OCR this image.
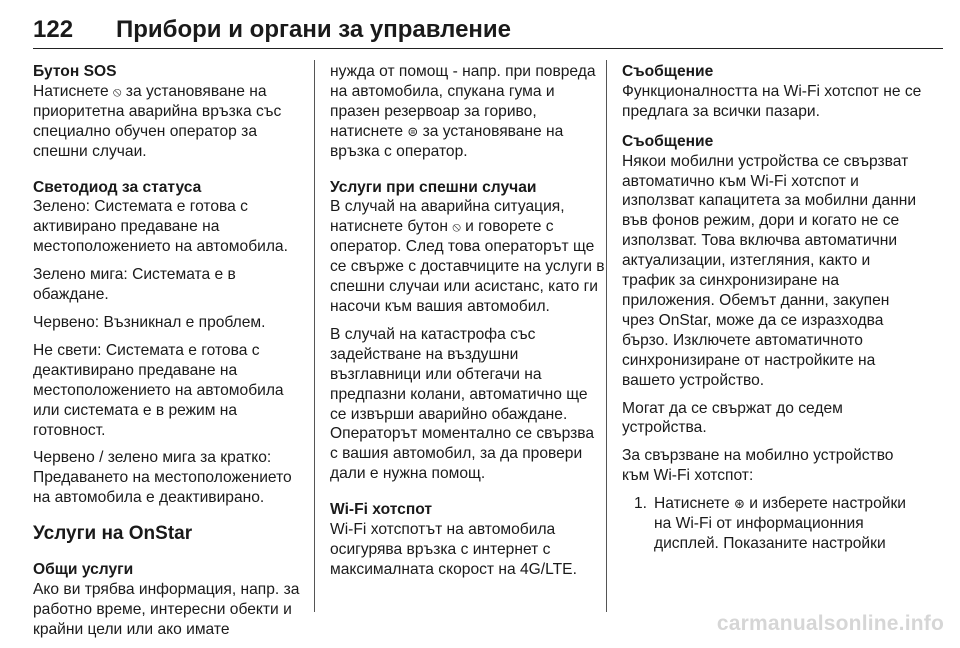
122 Прибори и органи за управление
Бутон SOS
Натиснете ⦸ за установяване на приоритетна аварийна връзка със специално обучен оператор за спешни случаи.
Светодиод за статуса
Зелено: Системата е готова с активирано предаване на местоположението на автомобила.
Зелено мига: Системата е в обаждане.
Червено: Възникнал е проблем.
Не свети: Системата е готова с деактивирано предаване на местоположението на автомобила или системата е в режим на готовност.
Червено / зелено мига за кратко: Предаването на местоположението на автомобила е деактивирано.
Услуги на OnStar
Общи услуги
Ако ви трябва информация, напр. за работно време, интересни обекти и крайни цели или ако имате
нужда от помощ - напр. при повреда на автомобила, спукана гума и празен резервоар за гориво, натиснете ⊜ за установяване на връзка с оператор.
Услуги при спешни случаи
В случай на аварийна ситуация, натиснете бутон ⦸ и говорете с оператор. След това операторът ще се свърже с доставчиците на услуги в спешни случаи или асистанс, като ги насочи към вашия автомобил.
В случай на катастрофа със задействане на въздушни възглавници или обтегачи на предпазни колани, автоматично ще се извърши аварийно обаждане. Операторът моментално се свързва с вашия автомобил, за да провери дали е нужна помощ.
Wi-Fi хотспот
Wi-Fi хотспотът на автомобила осигурява връзка с интернет с максималната скорост на 4G/LTE.
Съобщение
Функционалността на Wi-Fi хотспот не се предлага за всички пазари.
Съобщение
Някои мобилни устройства се свързват автоматично към Wi-Fi хотспот и използват капацитета за мобилни данни във фонов режим, дори и когато не се използват. Това включва автоматични актуализации, изтегляния, както и трафик за синхронизиране на приложения. Обемът данни, закупен чрез OnStar, може да се изразходва бързо. Изключете автоматичното синхронизиране от настройките на вашето устройство.
Могат да се свържат до седем устройства.
За свързване на мобилно устройство към Wi-Fi хотспот:
1. Натиснете ⊛ и изберете настройки на Wi-Fi от информационния дисплей. Показаните настройки
carmanualsonline.info
